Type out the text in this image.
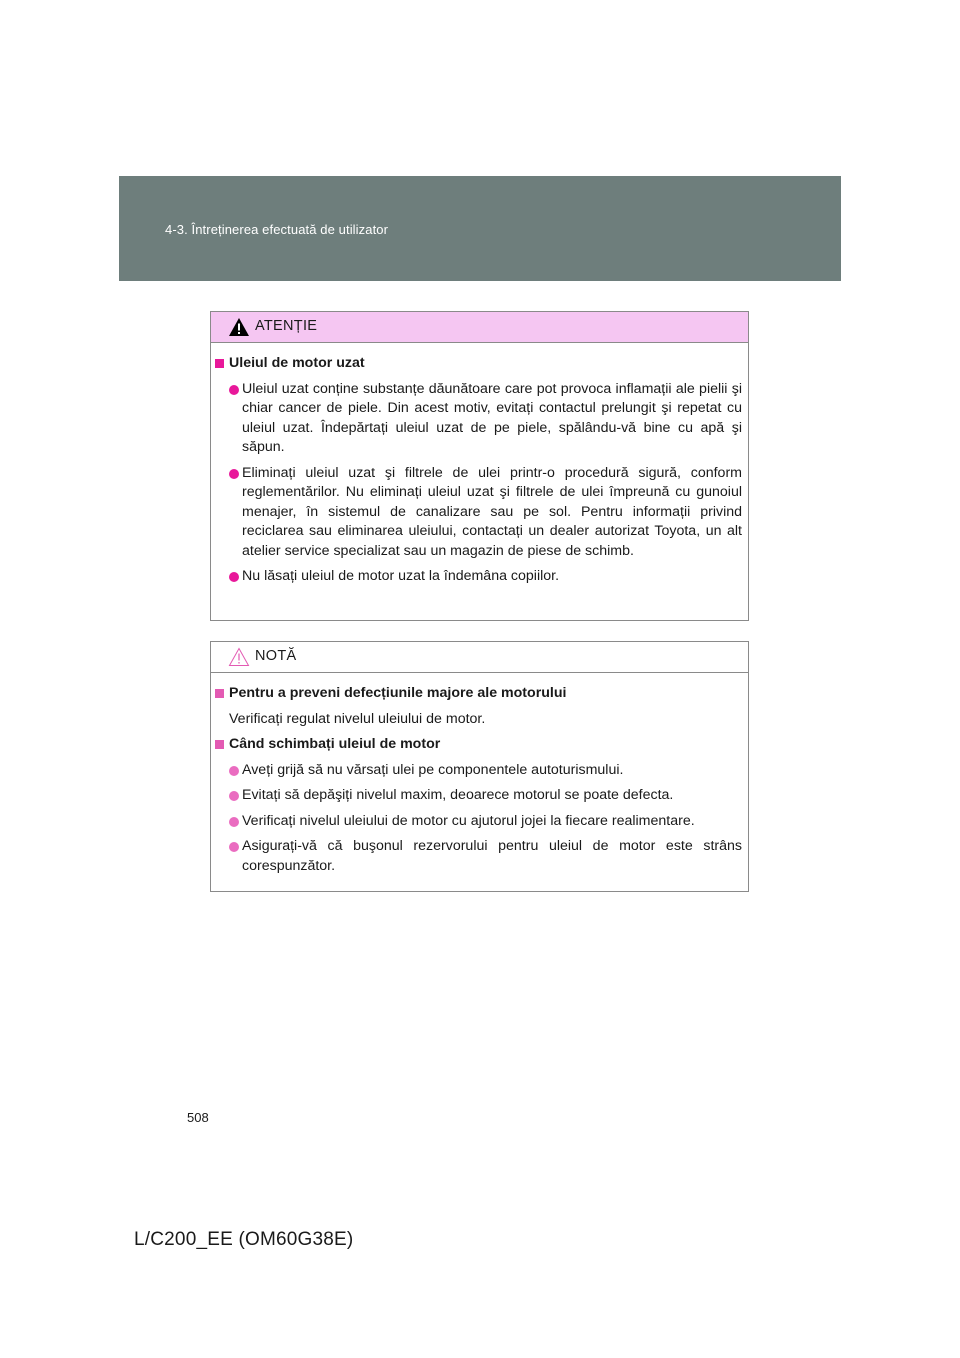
4-3. Întreținerea efectuată de utilizator
ATENȚIE
Uleiul de motor uzat
Uleiul uzat conține substanțe dăunătoare care pot provoca inflamații ale pielii şi chiar cancer de piele. Din acest motiv, evitați contactul prelungit şi repetat cu uleiul uzat. Îndepărtați uleiul uzat de pe piele, spălându-vă bine cu apă şi săpun.
Eliminați uleiul uzat şi filtrele de ulei printr-o procedură sigură, conform reglementărilor. Nu eliminați uleiul uzat şi filtrele de ulei împreună cu gunoiul menajer, în sistemul de canalizare sau pe sol. Pentru informații privind reciclarea sau eliminarea uleiului, contactați un dealer autorizat Toyota, un alt atelier service specializat sau un magazin de piese de schimb.
Nu lăsați uleiul de motor uzat la îndemâna copiilor.
NOTĂ
Pentru a preveni defecțiunile majore ale motorului
Verificați regulat nivelul uleiului de motor.
Când schimbați uleiul de motor
Aveți grijă să nu vărsați ulei pe componentele autoturismului.
Evitați să depăşiți nivelul maxim, deoarece motorul se poate defecta.
Verificați nivelul uleiului de motor cu ajutorul jojei la fiecare realimentare.
Asigurați-vă că buşonul rezervorului pentru uleiul de motor este strâns corespunzător.
508
L/C200_EE (OM60G38E)
